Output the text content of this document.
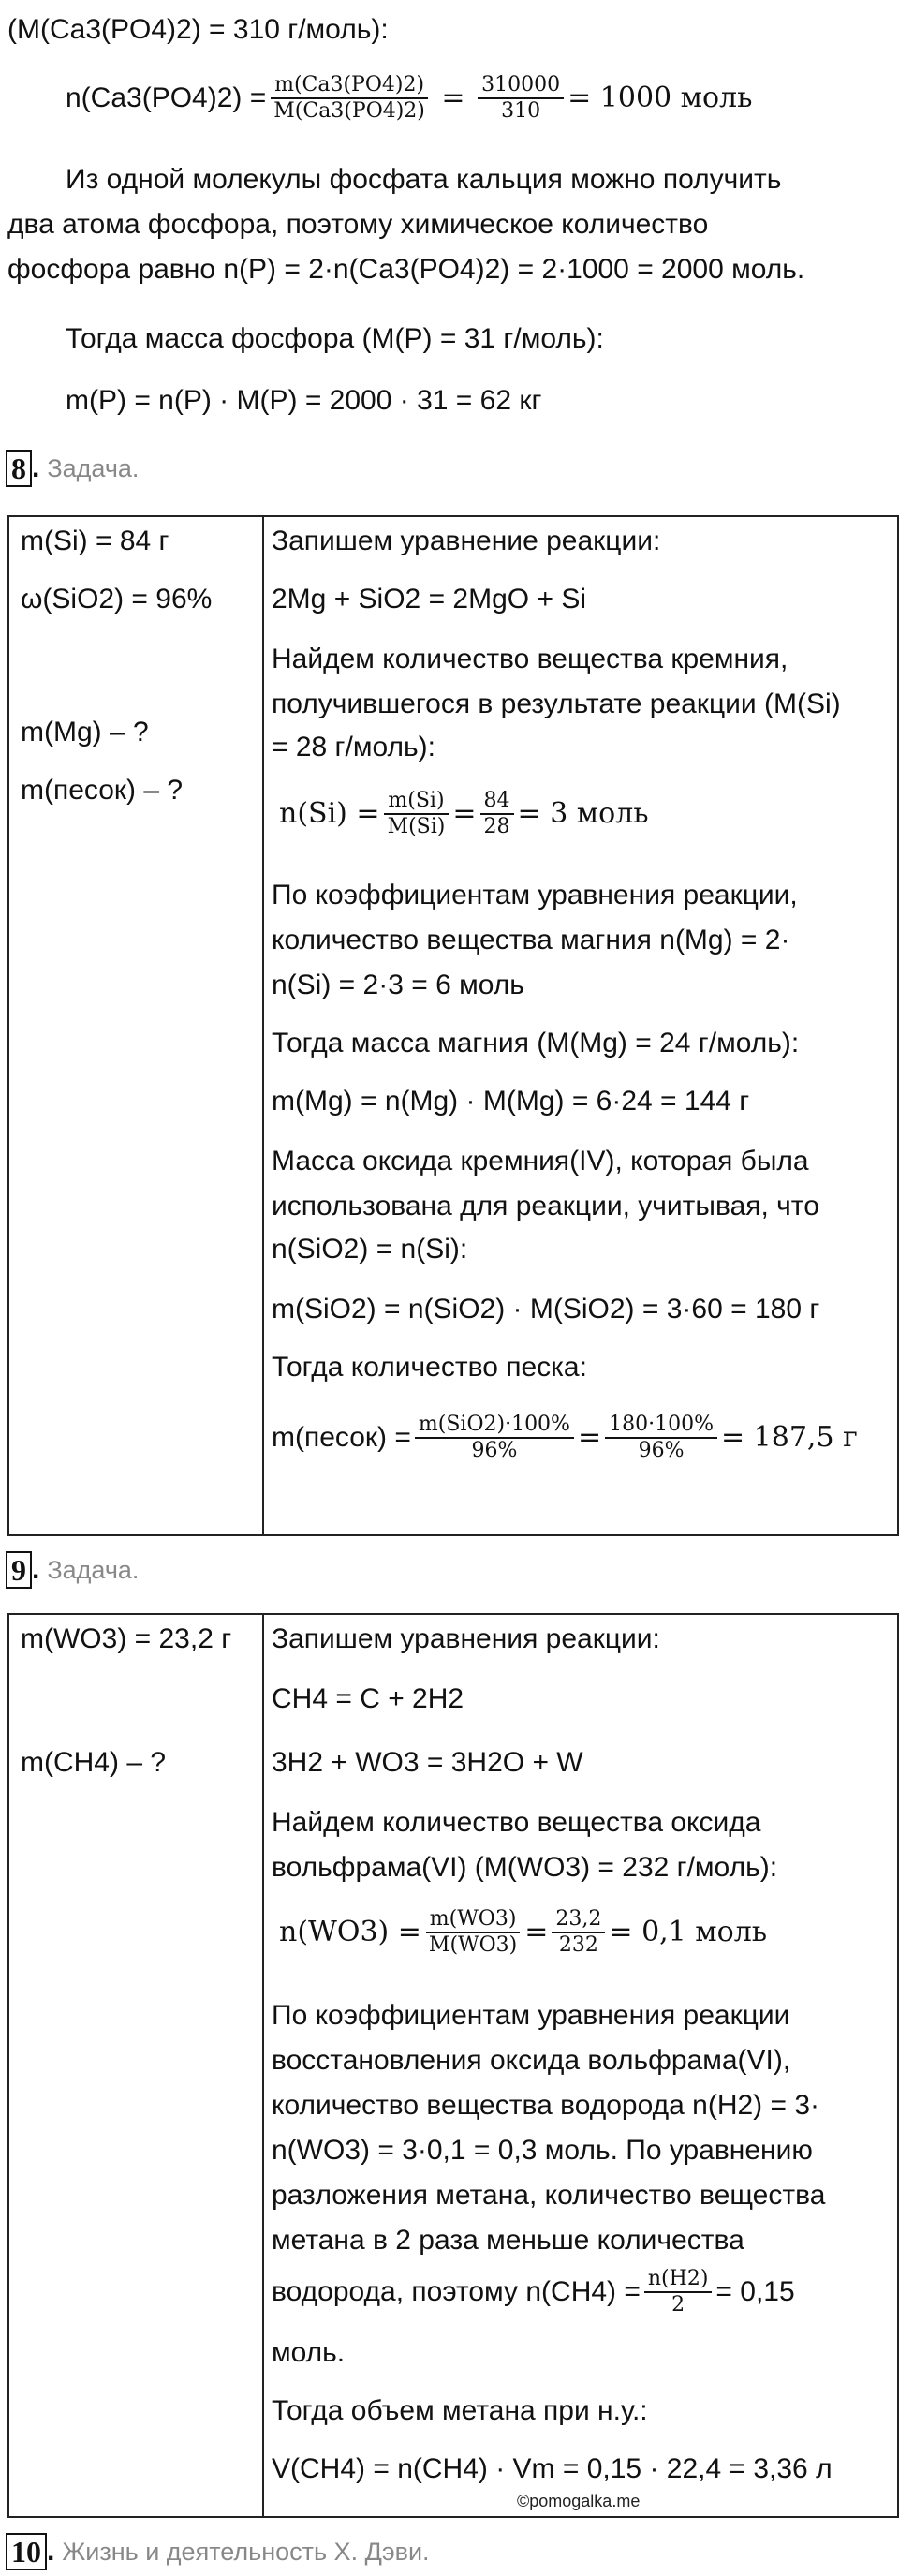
(M(Ca3(PO4)2) = 310 г/моль):
$n(Ca3(PO4)2) = \frac{m(Ca3(PO4)2)}{M(Ca3(PO4)2)} = \frac{310000}{310} = 1000$ моль
Из одной молекулы фосфата кальция можно получить
два атома фосфора, поэтому химическое количество
фосфора равно n(P) = 2·n(Ca3(PO4)2) = 2·1000 = 2000 моль.
Тогда масса фосфора (M(P) = 31 г/моль):
m(P) = n(P) · M(P) = 2000 · 31 = 62 кг
8 . Задача.
m(Si) = 84 г
ω(SiO2) = 96%
m(Mg) – ?
m(песок) – ?
Запишем уравнение реакции:
2Mg + SiO2 = 2MgO + Si
Найдем количество вещества кремния,
получившегося в результате реакции (M(Si)
= 28 г/моль):
$n(Si) = \frac{m(Si)}{M(Si)} = \frac{84}{28} = 3$ моль
По коэффициентам уравнения реакции,
количество вещества магния n(Mg) = 2·
n(Si) = 2·3 = 6 моль
Тогда масса магния (M(Mg) = 24 г/моль):
m(Mg) = n(Mg) · M(Mg) = 6·24 = 144 г
Масса оксида кремния(IV), которая была
использована для реакции, учитывая, что
n(SiO2) = n(Si):
m(SiO2) = n(SiO2) · M(SiO2) = 3·60 = 180 г
Тогда количество песка:
m(песок) = $\frac{\text{m(SiO2)·100\%}}{96\%} = \frac{180\cdot 100\%}{96\%} = 187,5$ г
9 . Задача.
m(WO3) = 23,2 г
m(CH4) – ?
Запишем уравнения реакции:
CH4 = C + 2H2
3H2 + WO3 = 3H2O + W
Найдем количество вещества оксида
вольфрама(VI) (M(WO3) = 232 г/моль):
$n(WO3) = \frac{m(WO3)}{M(WO3)} = \frac{23,2}{232} = 0,1$ моль
По коэффициентам уравнения реакции
восстановления оксида вольфрама(VI),
количество вещества водорода n(H2) = 3·
n(WO3) = 3·0,1 = 0,3 моль. По уравнению
разложения метана, количество вещества
метана в 2 раза меньше количества
водорода, поэтому $n(CH4) = \frac{n(H2)}{2} = 0,15$
моль.
Тогда объем метана при н.у.:
V(CH4) = n(CH4) · Vm = 0,15 · 22,4 = 3,36 л
©pomogalka.me
10 . Жизнь и деятельность Х. Дэви.
